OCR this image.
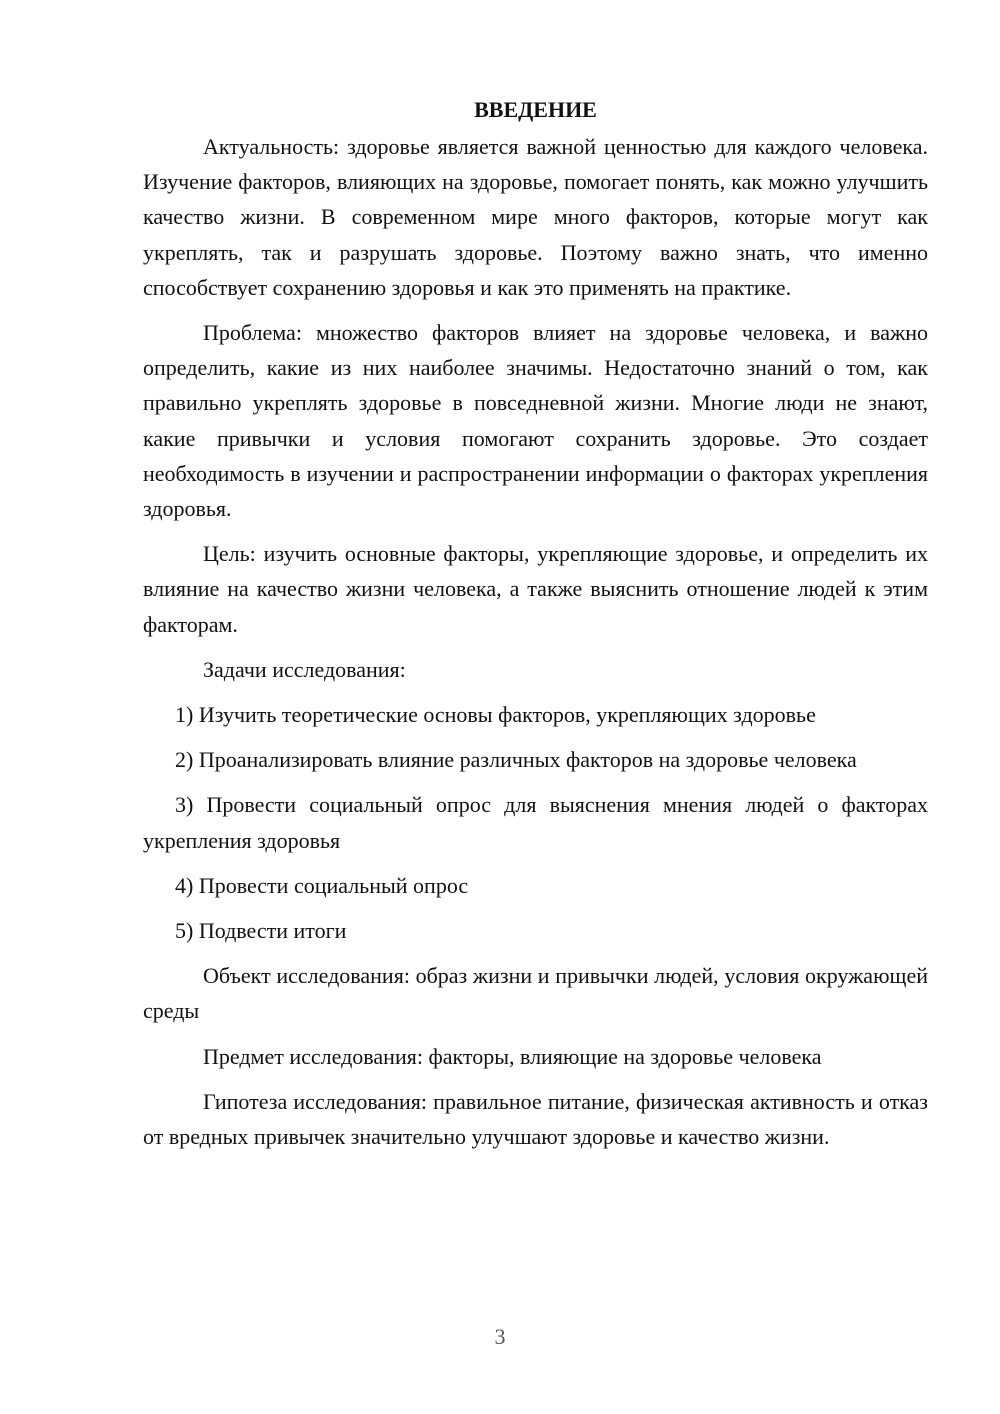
ВВЕДЕНИЕ

Актуальность: здоровье является важной ценностью для каждого человека. Изучение факторов, влияющих на здоровье, помогает понять, как можно улучшить качество жизни. В современном мире много факторов, которые могут как укреплять, так и разрушать здоровье. Поэтому важно знать, что именно способствует сохранению здоровья и как это применять на практике.

Проблема: множество факторов влияет на здоровье человека, и важно определить, какие из них наиболее значимы. Недостаточно знаний о том, как правильно укреплять здоровье в повседневной жизни. Многие люди не знают, какие привычки и условия помогают сохранить здоровье. Это создает необходимость в изучении и распространении информации о факторах укрепления здоровья.

Цель: изучить основные факторы, укрепляющие здоровье, и определить их влияние на качество жизни человека, а также выяснить отношение людей к этим факторам.

Задачи исследования:

1) Изучить теоретические основы факторов, укрепляющих здоровье

2) Проанализировать влияние различных факторов на здоровье человека

3) Провести социальный опрос для выяснения мнения людей о факторах укрепления здоровья

4) Провести социальный опрос

5) Подвести итоги

Объект исследования: образ жизни и привычки людей, условия окружающей среды

Предмет исследования: факторы, влияющие на здоровье человека

Гипотеза исследования: правильное питание, физическая активность и отказ от вредных привычек значительно улучшают здоровье и качество жизни.

3
